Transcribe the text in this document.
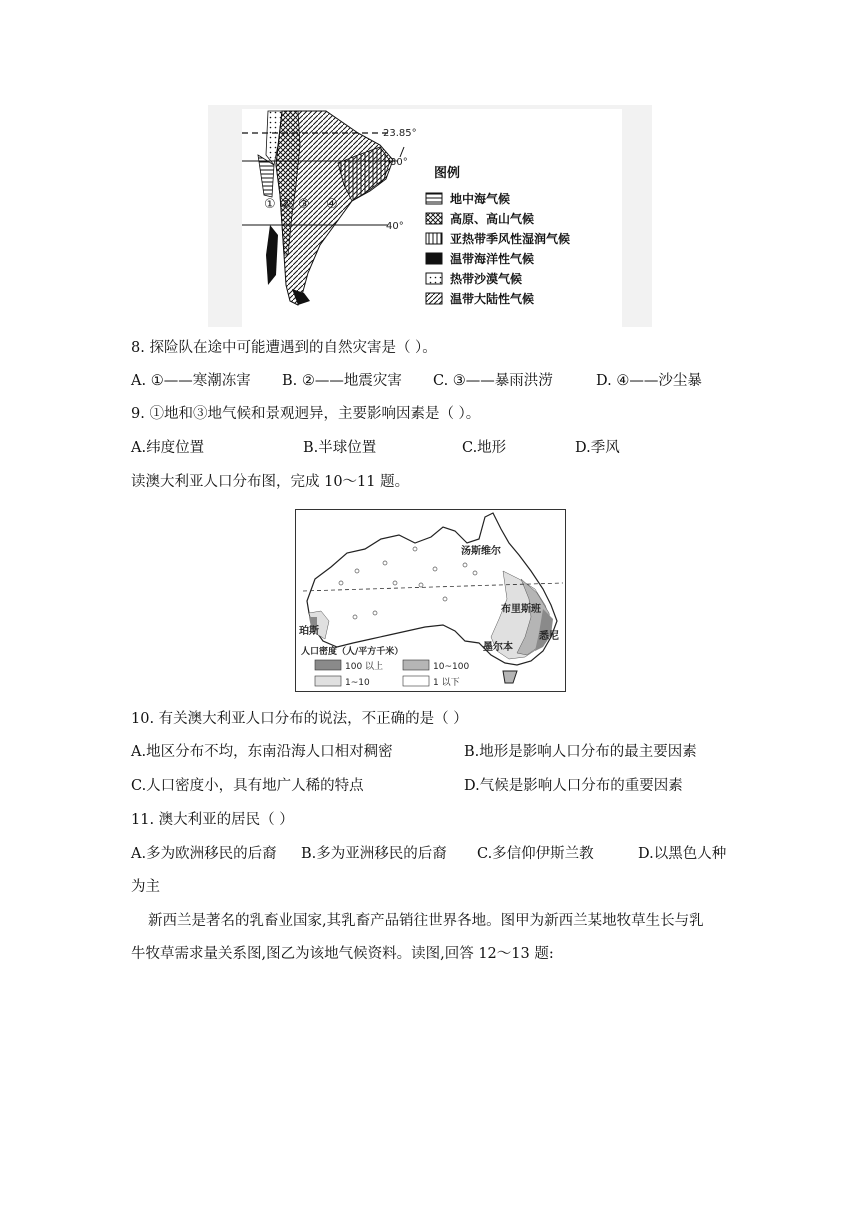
23.85°
30°
40°
① ② ③ ④
图例
地中海气候
高原、高山气候
亚热带季风性湿润气候
温带海洋性气候
热带沙漠气候
温带大陆性气候
8. 探险队在途中可能遭遇到的自然灾害是（ ）。
A. ①——寒潮冻害 B. ②——地震灾害 C. ③——暴雨洪涝	D. ④——沙尘暴
9. ①地和③地气候和景观迥异，主要影响因素是（ ）。
A.纬度位置	B.半球位置	C.地形	D.季风
读澳大利亚人口分布图，完成 10～11 题。
汤斯维尔
布里斯班
悉尼
墨尔本
珀斯
人口密度（人/平方千米）
100 以上	10~100
1~10	1 以下
10. 有关澳大利亚人口分布的说法，不正确的是（ ）
A.地区分布不均，东南沿海人口相对稠密	B.地形是影响人口分布的最主要因素
C.人口密度小，具有地广人稀的特点	D.气候是影响人口分布的重要因素
11. 澳大利亚的居民（ ）
A.多为欧洲移民的后裔 B.多为亚洲移民的后裔 C.多信仰伊斯兰教	D.以黑色人种
为主
新西兰是著名的乳畜业国家,其乳畜产品销往世界各地。图甲为新西兰某地牧草生长与乳
牛牧草需求量关系图,图乙为该地气候资料。读图,回答 12～13 题:
